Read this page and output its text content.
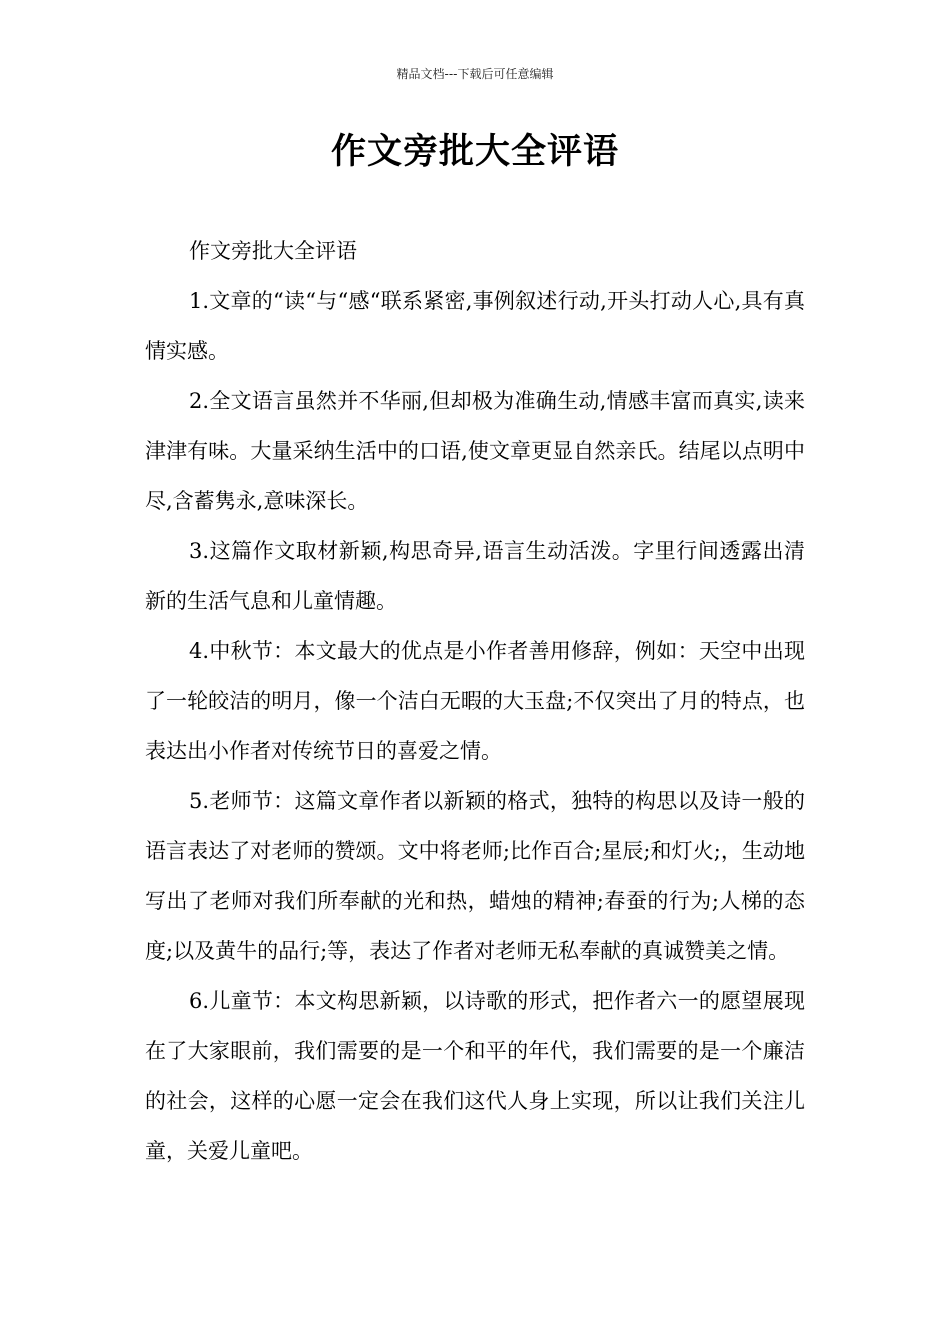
精品文档---下载后可任意编辑
作文旁批大全评语

作文旁批大全评语

1.文章的“读“与“感“联系紧密,事例叙述行动,开头打动人心,具有真情实感。

2.全文语言虽然并不华丽,但却极为准确生动,情感丰富而真实,读来津津有味。大量采纳生活中的口语,使文章更显自然亲氏。结尾以点明中尽,含蓄隽永,意味深长。

3.这篇作文取材新颖,构思奇异,语言生动活泼。字里行间透露出清新的生活气息和儿童情趣。

4.中秋节：本文最大的优点是小作者善用修辞，例如：天空中出现了一轮皎洁的明月，像一个洁白无暇的大玉盘;不仅突出了月的特点，也表达出小作者对传统节日的喜爱之情。

5.老师节：这篇文章作者以新颖的格式，独特的构思以及诗一般的语言表达了对老师的赞颂。文中将老师;比作百合;星辰;和灯火;，生动地写出了老师对我们所奉献的光和热，蜡烛的精神;春蚕的行为;人梯的态度;以及黄牛的品行;等，表达了作者对老师无私奉献的真诚赞美之情。

6.儿童节：本文构思新颖，以诗歌的形式，把作者六一的愿望展现在了大家眼前，我们需要的是一个和平的年代，我们需要的是一个廉洁的社会，这样的心愿一定会在我们这代人身上实现，所以让我们关注儿童，关爱儿童吧。
